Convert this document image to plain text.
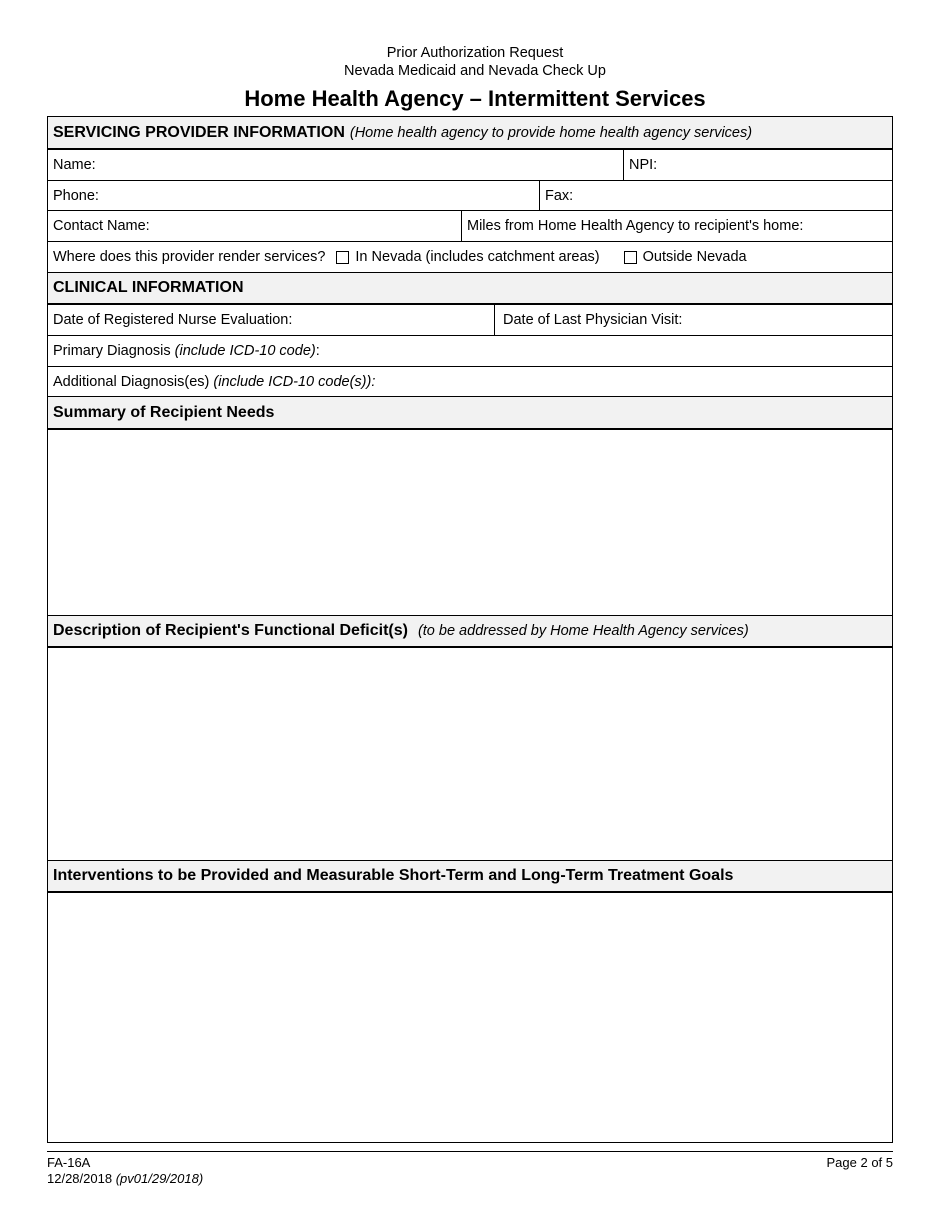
Prior Authorization Request
Nevada Medicaid and Nevada Check Up
Home Health Agency – Intermittent Services
SERVICING PROVIDER INFORMATION (Home health agency to provide home health agency services)
Name:	NPI:
Phone:	Fax:
Contact Name:	Miles from Home Health Agency to recipient's home:
Where does this provider render services? In Nevada (includes catchment areas)	Outside Nevada
CLINICAL INFORMATION
Date of Registered Nurse Evaluation:	Date of Last Physician Visit:
Primary Diagnosis (include ICD-10 code) :
Additional Diagnosis(es) (include ICD-10 code(s)):
Summary of Recipient Needs
Description of Recipient's Functional Deficit(s) (to be addressed by Home Health Agency services)
Interventions to be Provided and Measurable Short-Term and Long-Term Treatment Goals
FA-16A
12/28/2018 (pv01/29/2018)
Page 2 of 5
